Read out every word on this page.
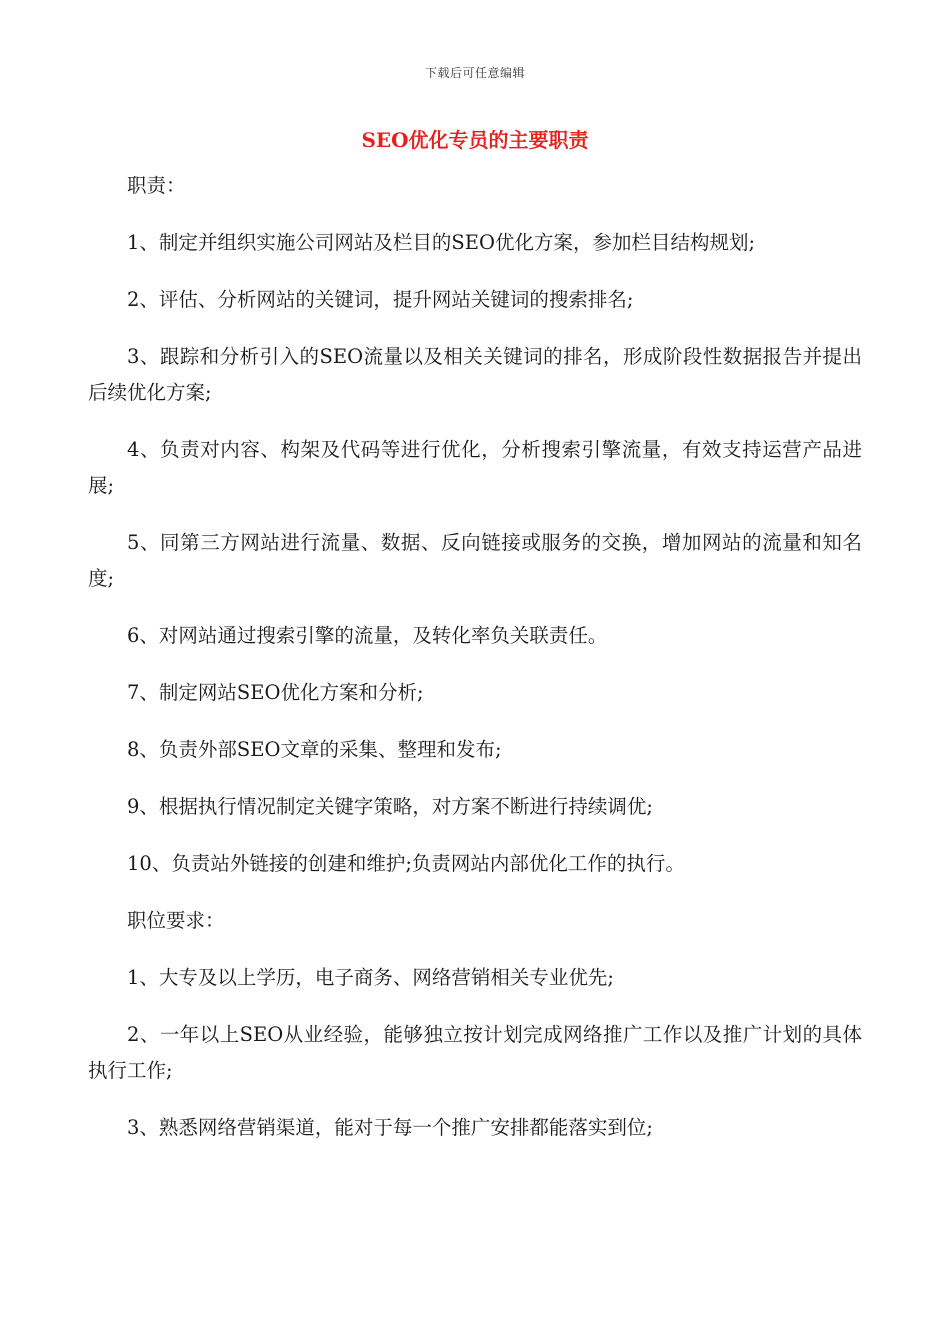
下载后可任意编辑
SEO优化专员的主要职责

职责：

1、制定并组织实施公司网站及栏目的SEO优化方案，参加栏目结构规划;

2、评估、分析网站的关键词，提升网站关键词的搜索排名;

3、跟踪和分析引入的SEO流量以及相关关键词的排名，形成阶段性数据报告并提出后续优化方案;

4、负责对内容、构架及代码等进行优化，分析搜索引擎流量，有效支持运营产品进展;

5、同第三方网站进行流量、数据、反向链接或服务的交换，增加网站的流量和知名度;

6、对网站通过搜索引擎的流量，及转化率负关联责任。

7、制定网站SEO优化方案和分析;

8、负责外部SEO文章的采集、整理和发布;

9、根据执行情况制定关键字策略，对方案不断进行持续调优;

10、负责站外链接的创建和维护;负责网站内部优化工作的执行。

职位要求：

1、大专及以上学历，电子商务、网络营销相关专业优先;

2、一年以上SEO从业经验，能够独立按计划完成网络推广工作以及推广计划的具体执行工作;

3、熟悉网络营销渠道，能对于每一个推广安排都能落实到位;
